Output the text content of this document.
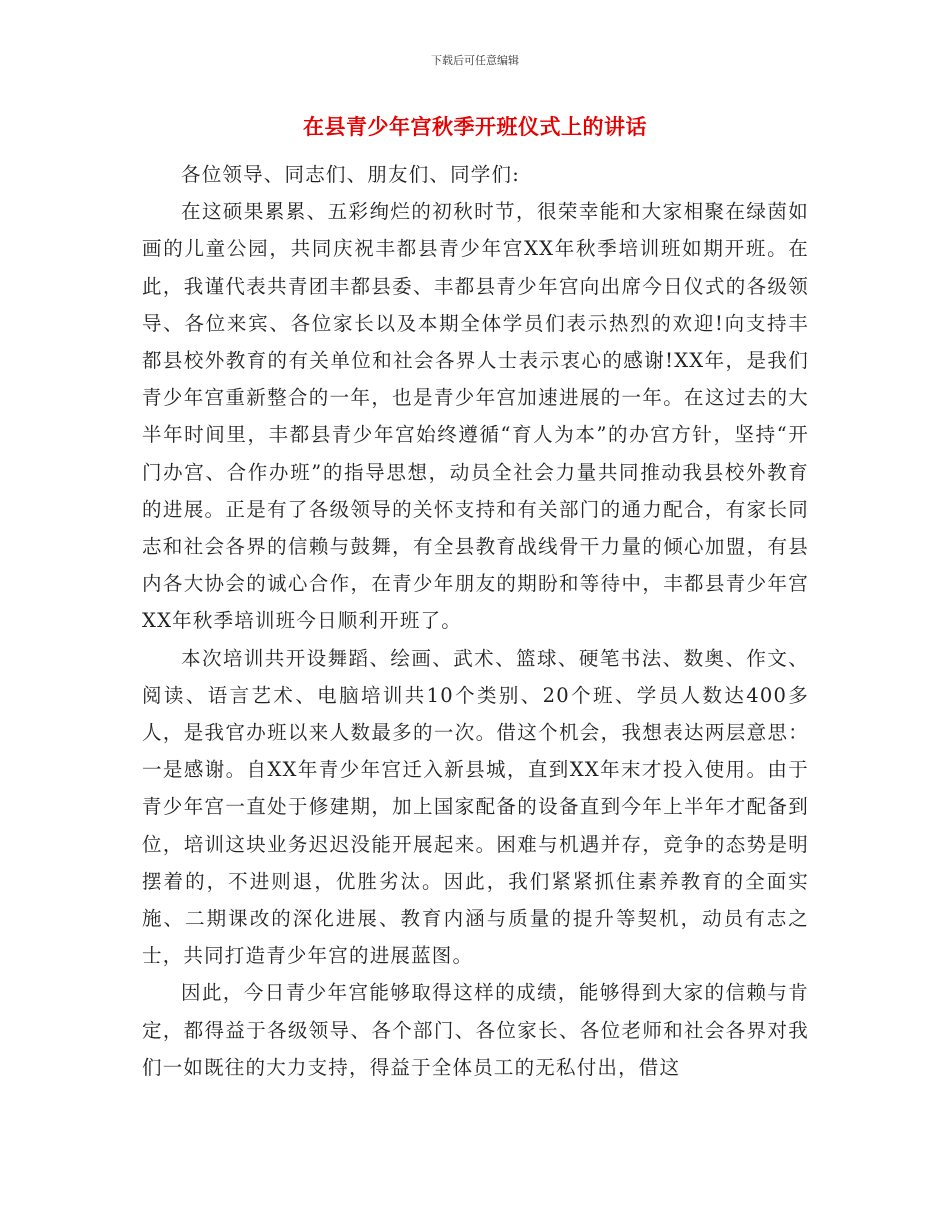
下载后可任意编辑
在县青少年宫秋季开班仪式上的讲话

各位领导、同志们、朋友们、同学们:

在这硕果累累、五彩绚烂的初秋时节，很荣幸能和大家相聚在绿茵如画的儿童公园，共同庆祝丰都县青少年宫XX年秋季培训班如期开班。在此，我谨代表共青团丰都县委、丰都县青少年宫向出席今日仪式的各级领导、各位来宾、各位家长以及本期全体学员们表示热烈的欢迎!向支持丰都县校外教育的有关单位和社会各界人士表示衷心的感谢!XX年，是我们青少年宫重新整合的一年，也是青少年宫加速进展的一年。在这过去的大半年时间里，丰都县青少年宫始终遵循“育人为本”的办宫方针，坚持“开门办宫、合作办班”的指导思想，动员全社会力量共同推动我县校外教育的进展。正是有了各级领导的关怀支持和有关部门的通力配合，有家长同志和社会各界的信赖与鼓舞，有全县教育战线骨干力量的倾心加盟，有县内各大协会的诚心合作，在青少年朋友的期盼和等待中，丰都县青少年宫XX年秋季培训班今日顺利开班了。

本次培训共开设舞蹈、绘画、武术、篮球、硬笔书法、数奥、作文、阅读、语言艺术、电脑培训共10个类别、20个班、学员人数达400多人，是我官办班以来人数最多的一次。借这个机会，我想表达两层意思：一是感谢。自XX年青少年宫迁入新县城，直到XX年末才投入使用。由于青少年宫一直处于修建期，加上国家配备的设备直到今年上半年才配备到位，培训这块业务迟迟没能开展起来。困难与机遇并存，竞争的态势是明摆着的，不进则退，优胜劣汰。因此，我们紧紧抓住素养教育的全面实施、二期课改的深化进展、教育内涵与质量的提升等契机，动员有志之士，共同打造青少年宫的进展蓝图。

因此，今日青少年宫能够取得这样的成绩，能够得到大家的信赖与肯定，都得益于各级领导、各个部门、各位家长、各位老师和社会各界对我们一如既往的大力支持，得益于全体员工的无私付出，借这
